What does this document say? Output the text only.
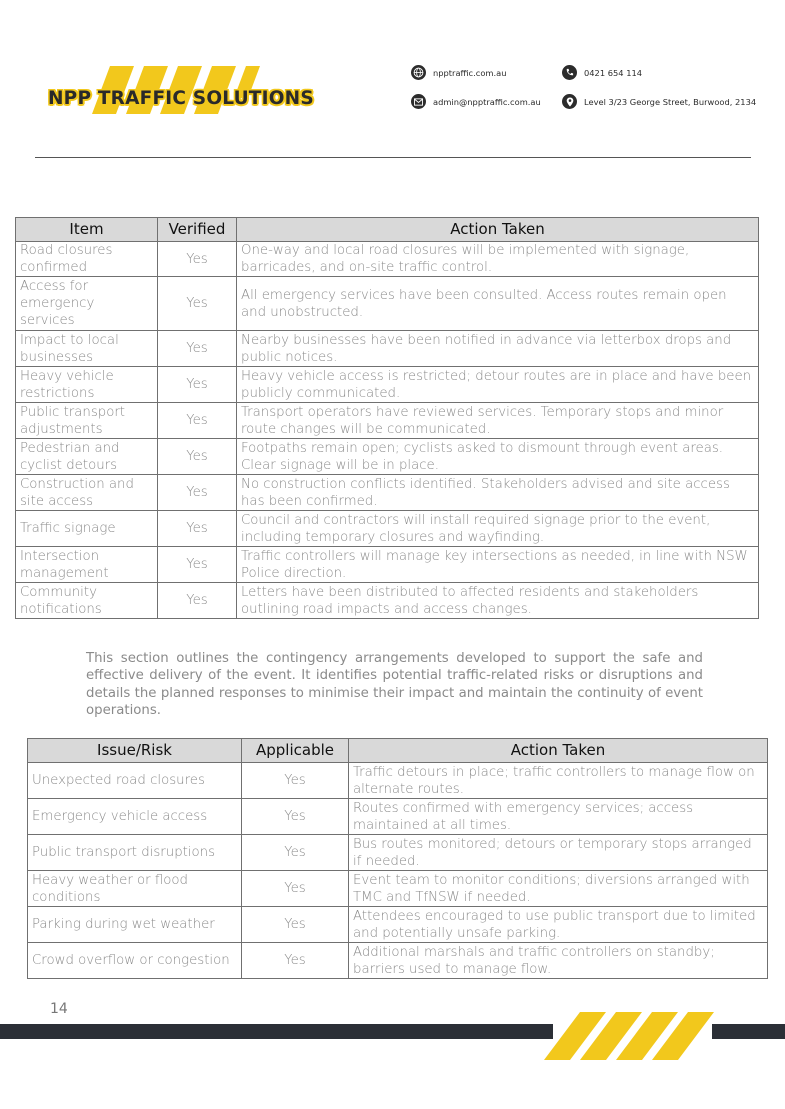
NPP TRAFFIC SOLUTIONS
npptraffic.com.au	0421 654 114
admin@npptraffic.com.au	Level 3/23 George Street, Burwood, 2134
Item	Verified	Action Taken
Road closures confirmed	Yes	One-way and local road closures will be implemented with signage, barricades, and on-site traffic control.
Access for emergency services	Yes	All emergency services have been consulted. Access routes remain open and unobstructed.
Impact to local businesses	Yes	Nearby businesses have been notified in advance via letterbox drops and public notices.
Heavy vehicle restrictions	Yes	Heavy vehicle access is restricted; detour routes are in place and have been publicly communicated.
Public transport adjustments	Yes	Transport operators have reviewed services. Temporary stops and minor route changes will be communicated.
Pedestrian and cyclist detours	Yes	Footpaths remain open; cyclists asked to dismount through event areas. Clear signage will be in place.
Construction and site access	Yes	No construction conflicts identified. Stakeholders advised and site access has been confirmed.
Traffic signage	Yes	Council and contractors will install required signage prior to the event, including temporary closures and wayfinding.
Intersection management	Yes	Traffic controllers will manage key intersections as needed, in line with NSW Police direction.
Community notifications	Yes	Letters have been distributed to affected residents and stakeholders outlining road impacts and access changes.
This section outlines the contingency arrangements developed to support the safe and effective delivery of the event. It identifies potential traffic-related risks or disruptions and details the planned responses to minimise their impact and maintain the continuity of event operations.
Issue/Risk	Applicable	Action Taken
Unexpected road closures	Yes	Traffic detours in place; traffic controllers to manage flow on alternate routes.
Emergency vehicle access	Yes	Routes confirmed with emergency services; access maintained at all times.
Public transport disruptions	Yes	Bus routes monitored; detours or temporary stops arranged if needed.
Heavy weather or flood conditions	Yes	Event team to monitor conditions; diversions arranged with TMC and TfNSW if needed.
Parking during wet weather	Yes	Attendees encouraged to use public transport due to limited and potentially unsafe parking.
Crowd overflow or congestion	Yes	Additional marshals and traffic controllers on standby; barriers used to manage flow.
14
